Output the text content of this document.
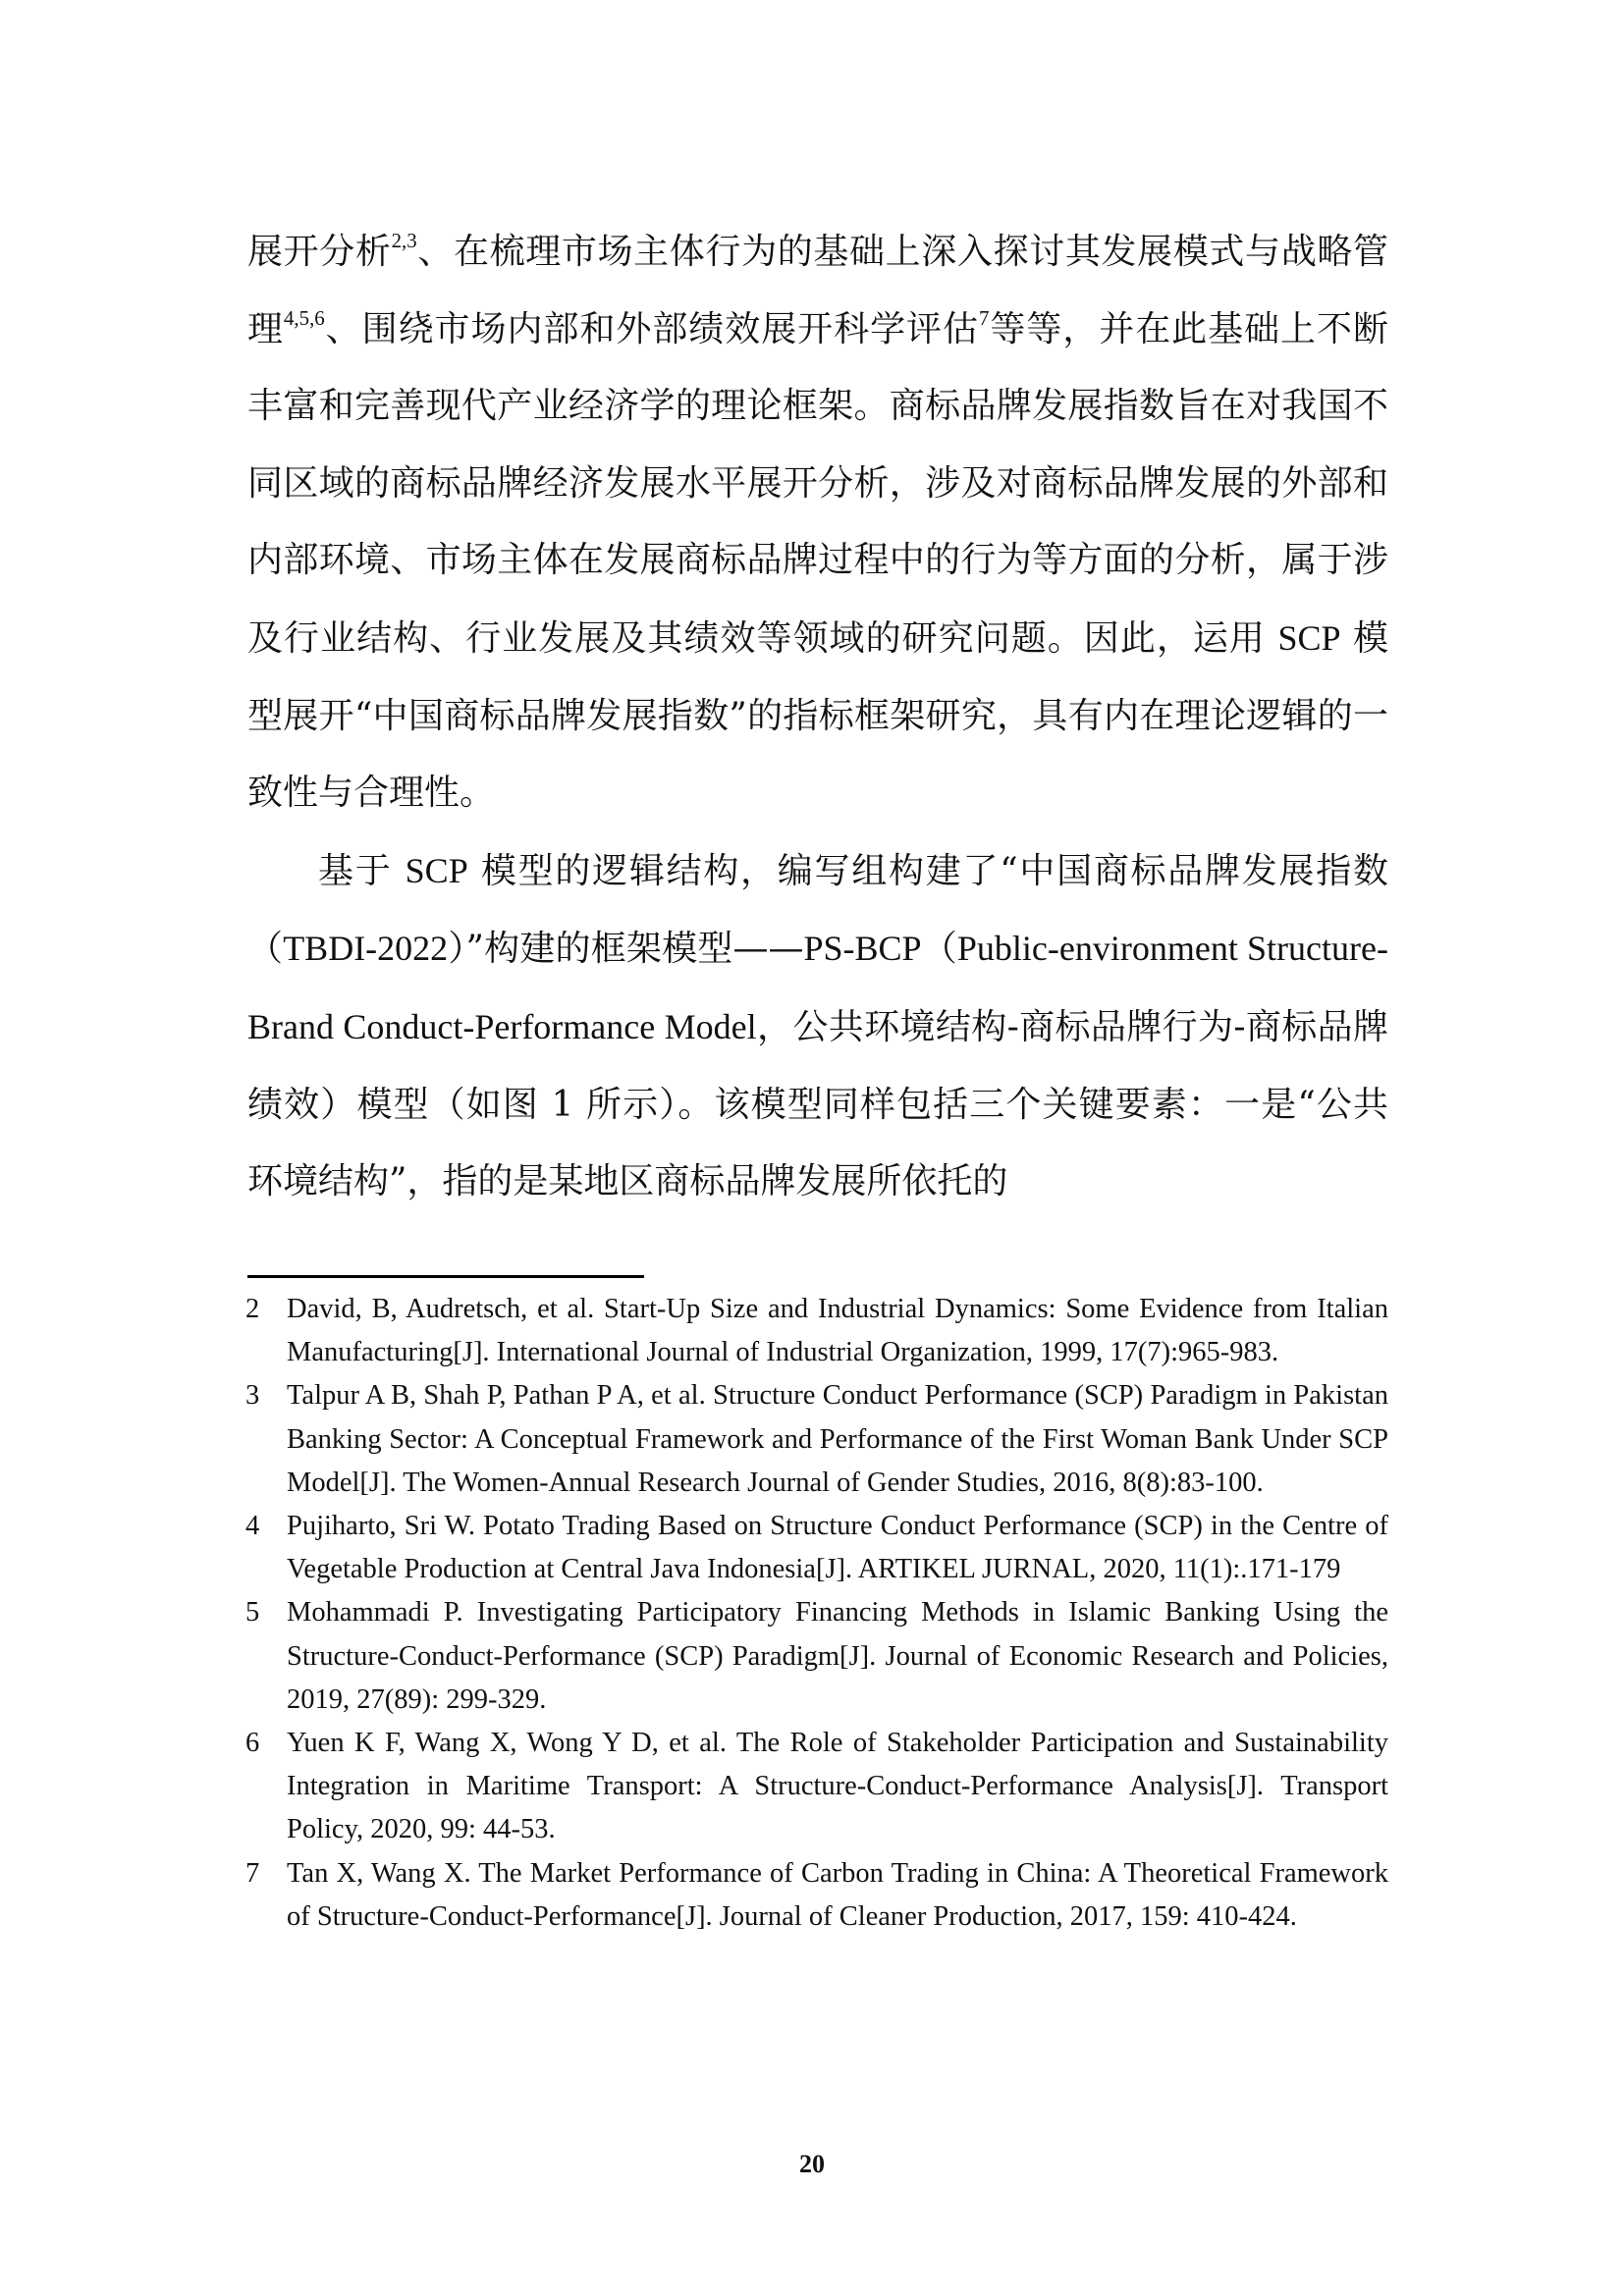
展开分析$^{2,3}$、在梳理市场主体行为的基础上深入探讨其发展模式与战略管理$^{4,5,6}$、围绕市场内部和外部绩效展开科学评估$^7$等等，并在此基础上不断丰富和完善现代产业经济学的理论框架。商标品牌发展指数旨在对我国不同区域的商标品牌经济发展水平展开分析，涉及对商标品牌发展的外部和内部环境、市场主体在发展商标品牌过程中的行为等方面的分析，属于涉及行业结构、行业发展及其绩效等领域的研究问题。因此，运用 SCP 模型展开“中国商标品牌发展指数”的指标框架研究，具有内在理论逻辑的一致性与合理性。

基于 SCP 模型的逻辑结构，编写组构建了“中国商标品牌发展指数（TBDI-2022）”构建的框架模型——PS-BCP（Public-environment Structure-Brand Conduct-Performance Model，公共环境结构-商标品牌行为-商标品牌绩效）模型（如图 1 所示）。该模型同样包括三个关键要素：一是“公共环境结构”，指的是某地区商标品牌发展所依托的

2 David, B, Audretsch, et al. Start-Up Size and Industrial Dynamics: Some Evidence from Italian Manufacturing[J]. International Journal of Industrial Organization, 1999, 17(7):965-983.
3 Talpur A B, Shah P, Pathan P A, et al. Structure Conduct Performance (SCP) Paradigm in Pakistan Banking Sector: A Conceptual Framework and Performance of the First Woman Bank Under SCP Model[J]. The Women-Annual Research Journal of Gender Studies, 2016, 8(8):83-100.
4 Pujiharto, Sri W. Potato Trading Based on Structure Conduct Performance (SCP) in the Centre of Vegetable Production at Central Java Indonesia[J]. ARTIKEL JURNAL, 2020, 11(1):.171-179
5 Mohammadi P. Investigating Participatory Financing Methods in Islamic Banking Using the Structure-Conduct-Performance (SCP) Paradigm[J]. Journal of Economic Research and Policies, 2019, 27(89): 299-329.
6 Yuen K F, Wang X, Wong Y D, et al. The Role of Stakeholder Participation and Sustainability Integration in Maritime Transport: A Structure-Conduct-Performance Analysis[J]. Transport Policy, 2020, 99: 44-53.
7 Tan X, Wang X. The Market Performance of Carbon Trading in China: A Theoretical Framework of Structure-Conduct-Performance[J]. Journal of Cleaner Production, 2017, 159: 410-424.
20
